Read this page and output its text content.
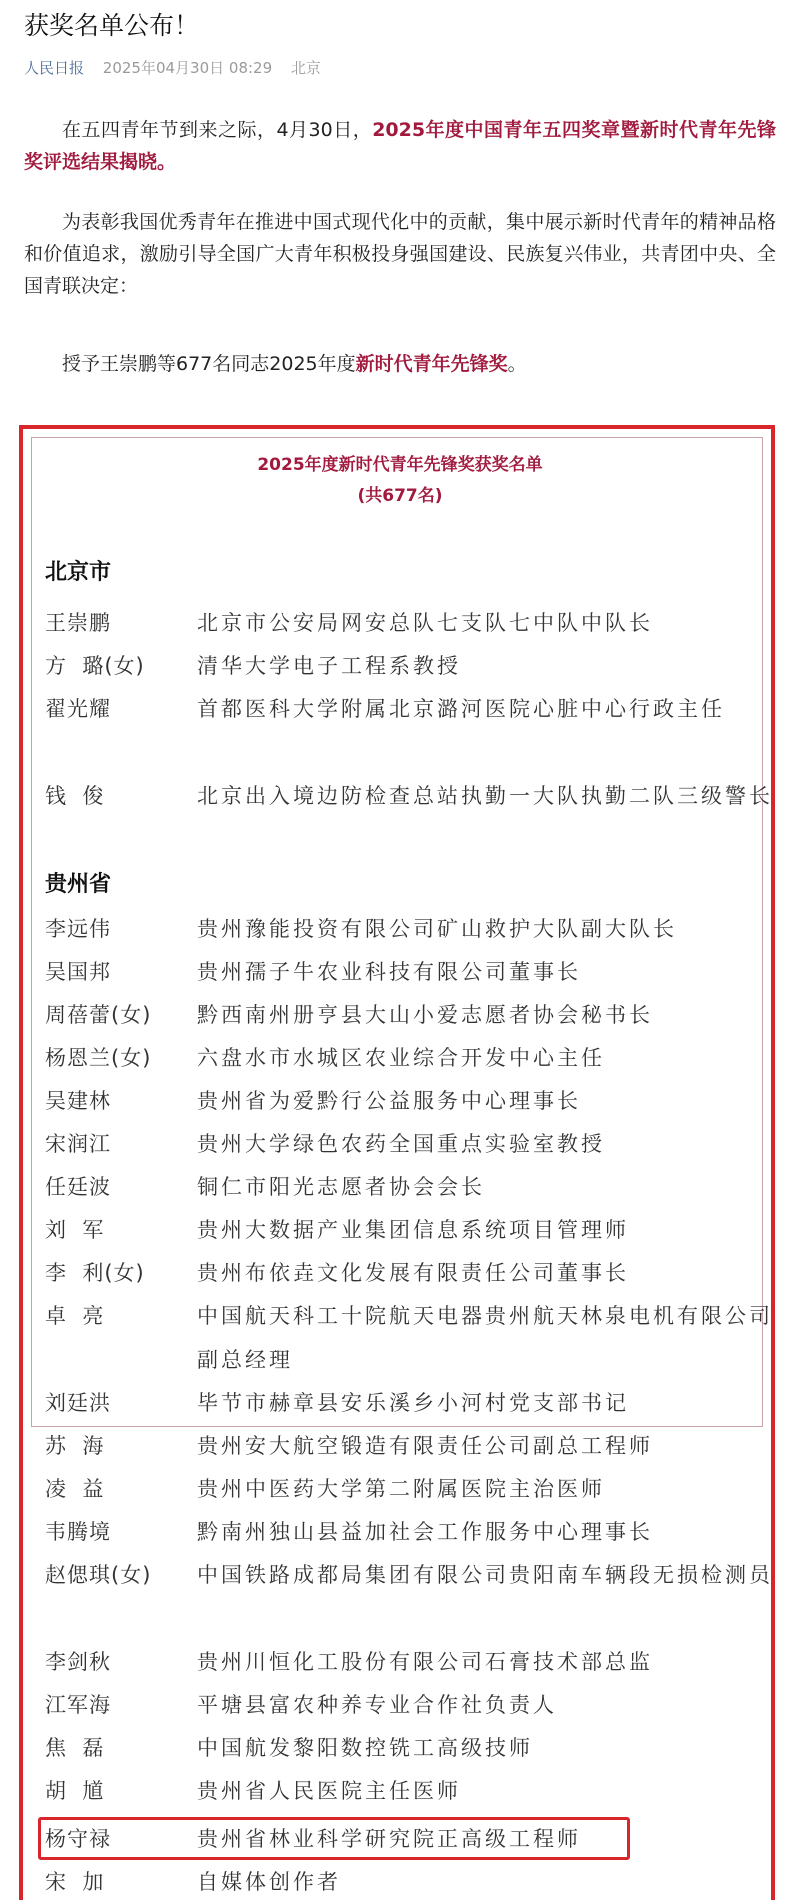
获奖名单公布！
人民日报 2025年04月30日 08:29 北京
在五四青年节到来之际，4月30日，2025年度中国青年五四奖章暨新时代青年先锋奖评选结果揭晓。
为表彰我国优秀青年在推进中国式现代化中的贡献，集中展示新时代青年的精神品格和价值追求，激励引导全国广大青年积极投身强国建设、民族复兴伟业，共青团中央、全国青联决定：
授予王崇鹏等677名同志2025年度新时代青年先锋奖。
2025年度新时代青年先锋奖获奖名单
(共677名)
北京市
王崇鹏	北京市公安局网安总队七支队七中队中队长
方  璐(女)	清华大学电子工程系教授
翟光耀	首都医科大学附属北京潞河医院心脏中心行政主任
钱  俊	北京出入境边防检查总站执勤一大队执勤二队三级警长
贵州省
李远伟	贵州豫能投资有限公司矿山救护大队副大队长
吴国邦	贵州孺子牛农业科技有限公司董事长
周蓓蕾(女)	黔西南州册亨县大山小爱志愿者协会秘书长
杨恩兰(女)	六盘水市水城区农业综合开发中心主任
吴建林	贵州省为爱黔行公益服务中心理事长
宋润江	贵州大学绿色农药全国重点实验室教授
任廷波	铜仁市阳光志愿者协会会长
刘  军	贵州大数据产业集团信息系统项目管理师
李  利(女)	贵州布依垚文化发展有限责任公司董事长
卓  亮	中国航天科工十院航天电器贵州航天林泉电机有限公司副总经理
刘廷洪	毕节市赫章县安乐溪乡小河村党支部书记
苏  海	贵州安大航空锻造有限责任公司副总工程师
凌  益	贵州中医药大学第二附属医院主治医师
韦腾境	黔南州独山县益加社会工作服务中心理事长
赵偲琪(女)	中国铁路成都局集团有限公司贵阳南车辆段无损检测员
李剑秋	贵州川恒化工股份有限公司石膏技术部总监
江军海	平塘县富农种养专业合作社负责人
焦  磊	中国航发黎阳数控铣工高级技师
胡  馗	贵州省人民医院主任医师
杨守禄	贵州省林业科学研究院正高级工程师
宋  加	自媒体创作者
